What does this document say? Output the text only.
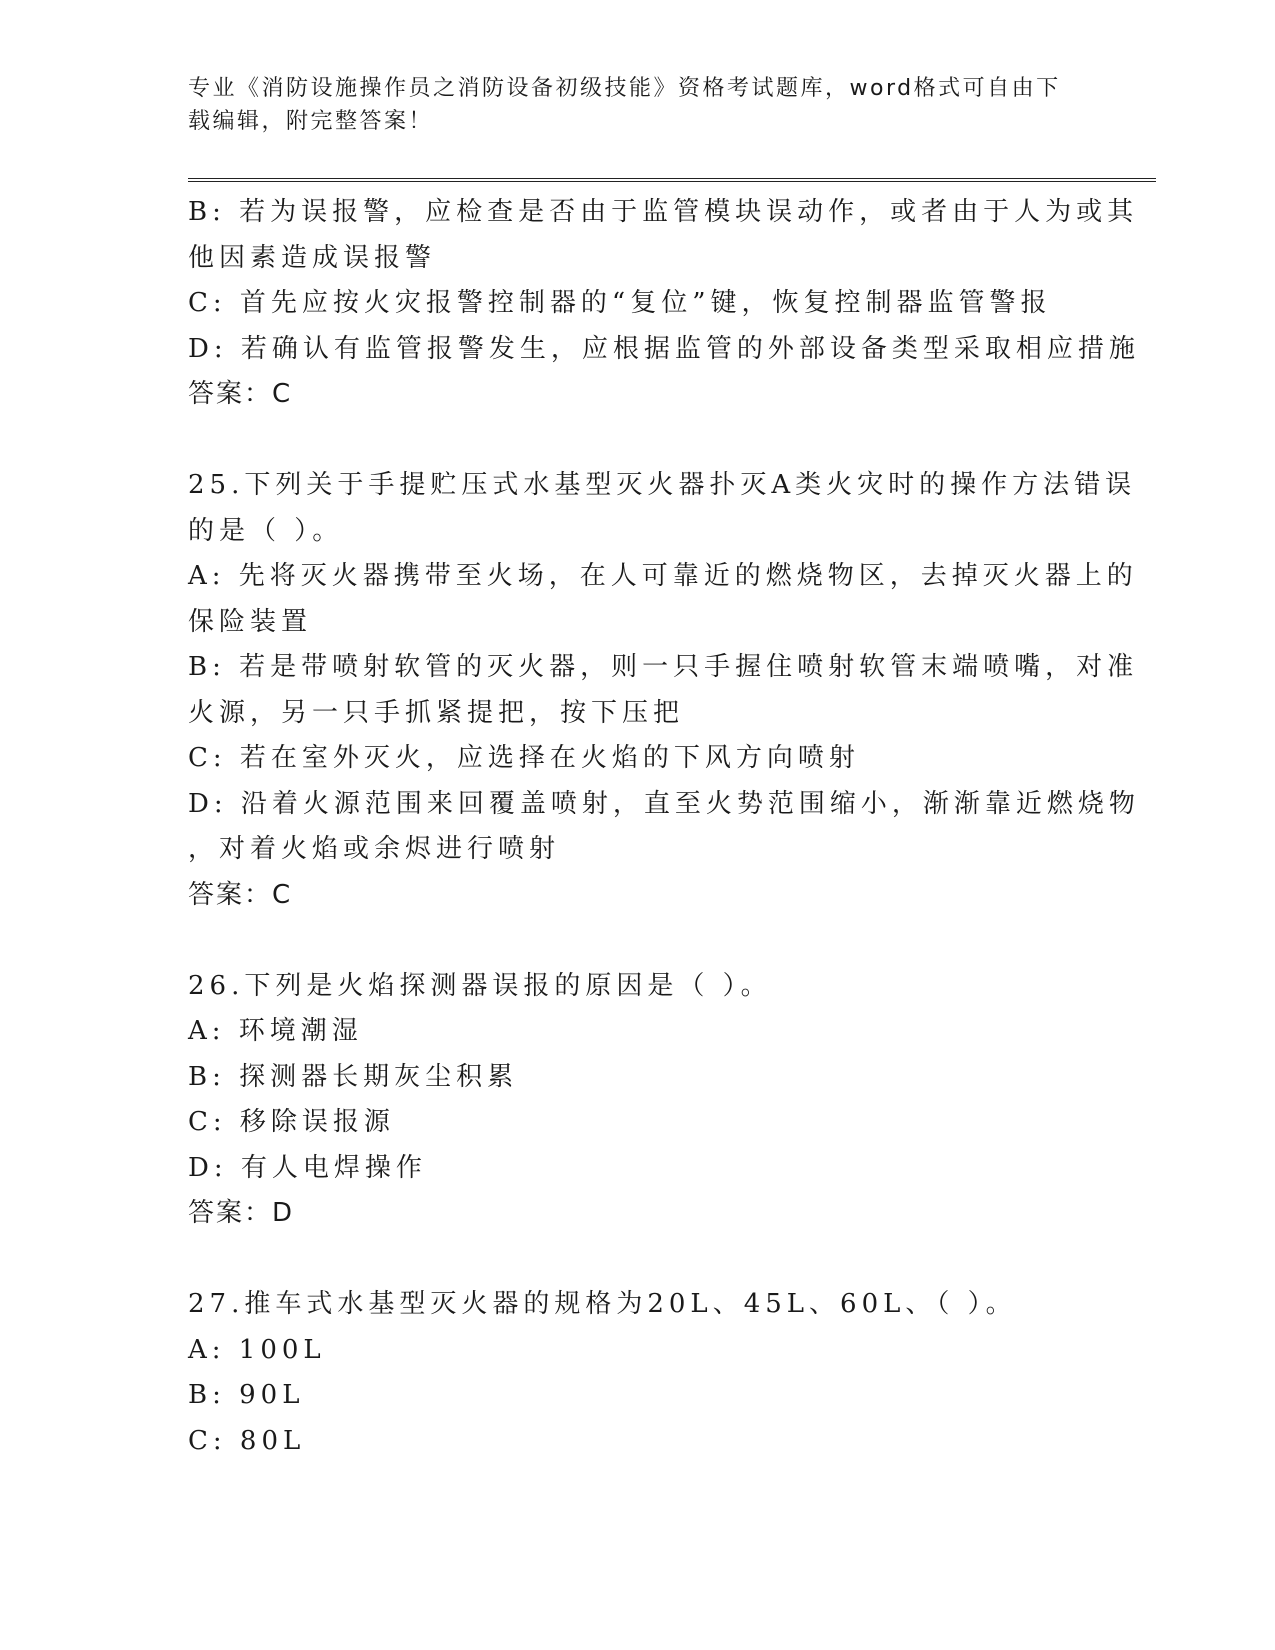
专业《消防设施操作员之消防设备初级技能》资格考试题库，word格式可自由下
载编辑，附完整答案！
B: 若为误报警，应检查是否由于监管模块误动作，或者由于人为或其
他因素造成误报警
C: 首先应按火灾报警控制器的“复位”键，恢复控制器监管警报
D: 若确认有监管报警发生，应根据监管的外部设备类型采取相应措施
答案：C
25.下列关于手提贮压式水基型灭火器扑灭A类火灾时的操作方法错误
的是（ ）。
A: 先将灭火器携带至火场，在人可靠近的燃烧物区，去掉灭火器上的
保险装置
B: 若是带喷射软管的灭火器，则一只手握住喷射软管末端喷嘴，对准
火源，另一只手抓紧提把，按下压把
C: 若在室外灭火，应选择在火焰的下风方向喷射
D: 沿着火源范围来回覆盖喷射，直至火势范围缩小，渐渐靠近燃烧物
，对着火焰或余烬进行喷射
答案：C
26.下列是火焰探测器误报的原因是（ ）。
A: 环境潮湿
B: 探测器长期灰尘积累
C: 移除误报源
D: 有人电焊操作
答案：D
27.推车式水基型灭火器的规格为20L、45L、60L、（ ）。
A: 100L
B: 90L
C: 80L
